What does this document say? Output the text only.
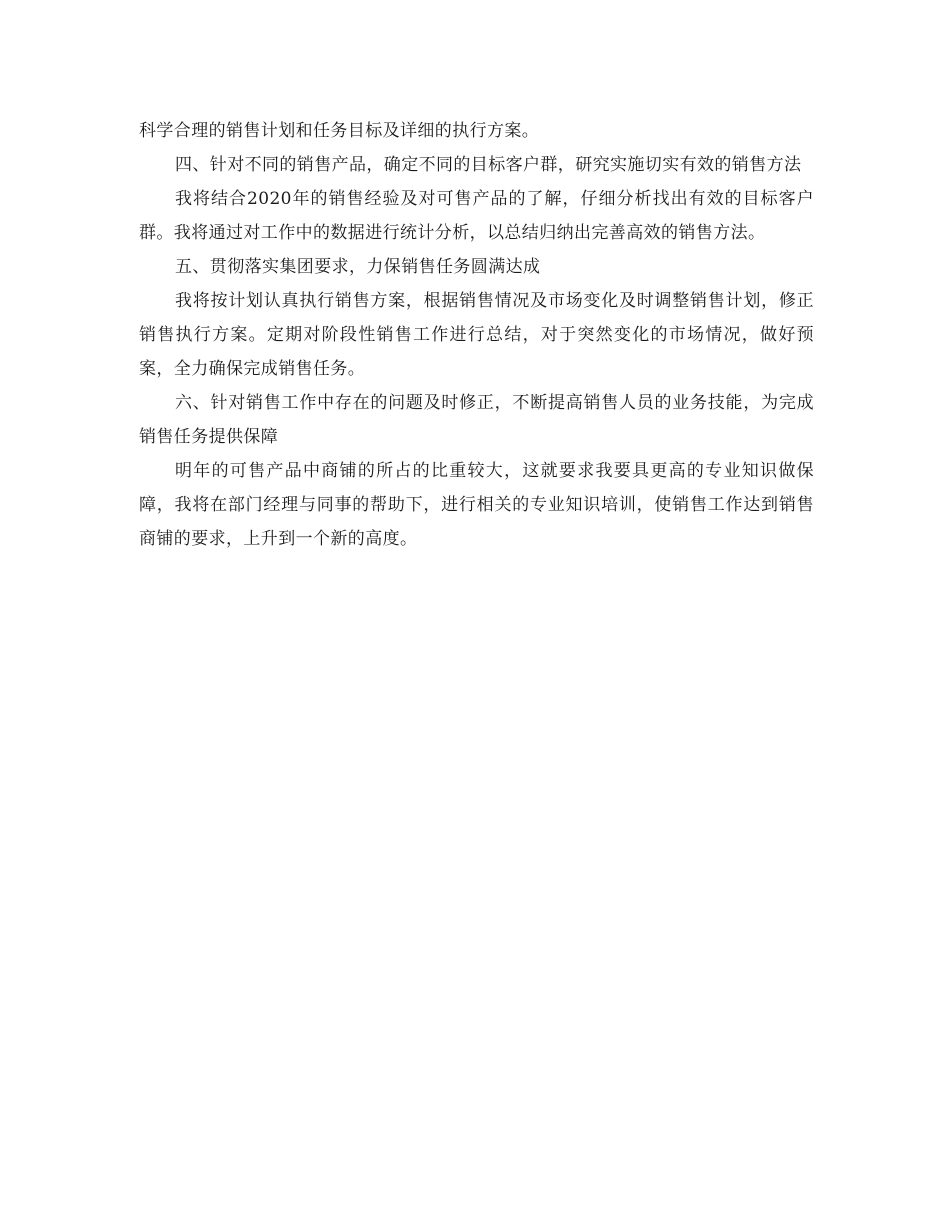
科学合理的销售计划和任务目标及详细的执行方案。

四、针对不同的销售产品，确定不同的目标客户群，研究实施切实有效的销售方法

我将结合2020年的销售经验及对可售产品的了解，仔细分析找出有效的目标客户群。我将通过对工作中的数据进行统计分析，以总结归纳出完善高效的销售方法。

五、贯彻落实集团要求，力保销售任务圆满达成

我将按计划认真执行销售方案，根据销售情况及市场变化及时调整销售计划，修正销售执行方案。定期对阶段性销售工作进行总结，对于突然变化的市场情况，做好预案，全力确保完成销售任务。

六、针对销售工作中存在的问题及时修正，不断提高销售人员的业务技能，为完成销售任务提供保障

明年的可售产品中商铺的所占的比重较大，这就要求我要具更高的专业知识做保障，我将在部门经理与同事的帮助下，进行相关的专业知识培训，使销售工作达到销售商铺的要求，上升到一个新的高度。
